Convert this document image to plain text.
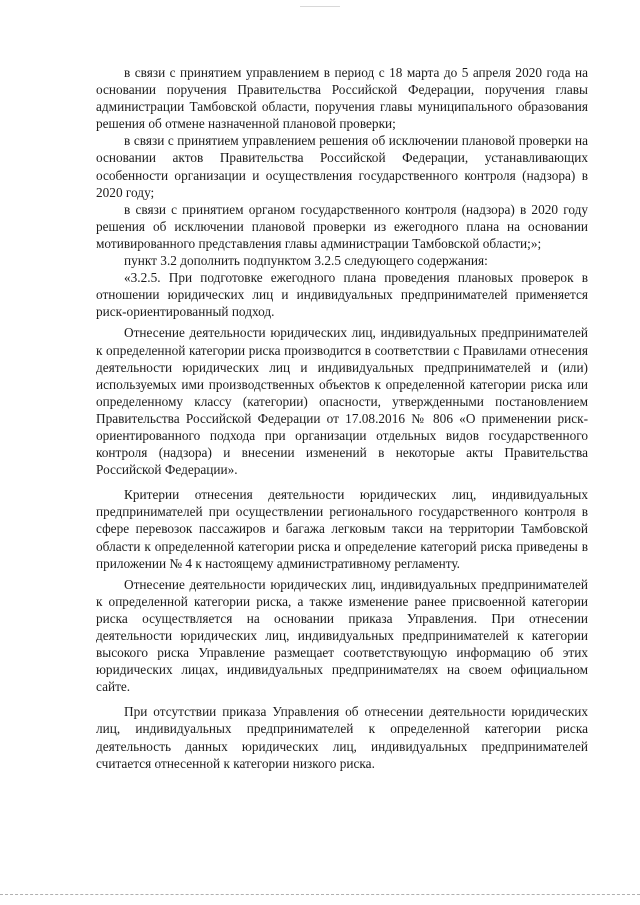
в связи с принятием управлением в период с 18 марта до 5 апреля 2020 года на основании поручения Правительства Российской Федерации, поручения главы администрации Тамбовской области, поручения главы муниципального образования решения об отмене назначенной плановой проверки;

в связи с принятием управлением решения об исключении плановой проверки на основании актов Правительства Российской Федерации, устанавливающих особенности организации и осуществления государственного контроля (надзора) в 2020 году;

в связи с принятием органом государственного контроля (надзора) в 2020 году решения об исключении плановой проверки из ежегодного плана на основании мотивированного представления главы администрации Тамбовской области;»;

пункт 3.2 дополнить подпунктом 3.2.5 следующего содержания:

«3.2.5. При подготовке ежегодного плана проведения плановых проверок в отношении юридических лиц и индивидуальных предпринимателей применяется риск-ориентированный подход.

Отнесение деятельности юридических лиц, индивидуальных предпринимателей к определенной категории риска производится в соответствии с Правилами отнесения деятельности юридических лиц и индивидуальных предпринимателей и (или) используемых ими производственных объектов к определенной категории риска или определенному классу (категории) опасности, утвержденными постановлением Правительства Российской Федерации от 17.08.2016 № 806 «О применении риск-ориентированного подхода при организации отдельных видов государственного контроля (надзора) и внесении изменений в некоторые акты Правительства Российской Федерации».

Критерии отнесения деятельности юридических лиц, индивидуальных предпринимателей при осуществлении регионального государственного контроля в сфере перевозок пассажиров и багажа легковым такси на территории Тамбовской области к определенной категории риска и определение категорий риска приведены в приложении № 4 к настоящему административному регламенту.

Отнесение деятельности юридических лиц, индивидуальных предпринимателей к определенной категории риска, а также изменение ранее присвоенной категории риска осуществляется на основании приказа Управления. При отнесении деятельности юридических лиц, индивидуальных предпринимателей к категории высокого риска Управление размещает соответствующую информацию об этих юридических лицах, индивидуальных предпринимателях на своем официальном сайте.

При отсутствии приказа Управления об отнесении деятельности юридических лиц, индивидуальных предпринимателей к определенной категории риска деятельность данных юридических лиц, индивидуальных предпринимателей считается отнесенной к категории низкого риска.
